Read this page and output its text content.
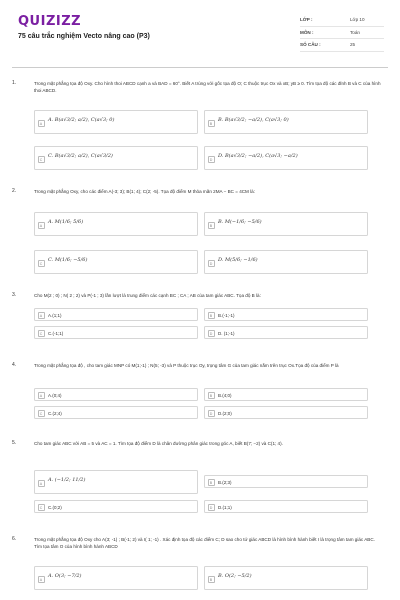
QUIZIZZ
75 câu trắc nghiệm Vecto nâng cao (P3)
LỚP :	Lớp 10
MÔN :	Toán
SỐ CÂU :	25
1.	Trong mặt phẳng tọa độ Oxy. Cho hình thoi ABCD cạnh a và BAD = 60°. Biết A trùng với gốc tọa độ O; C thuộc trục Ox và xB; yB ≥ 0. Tìm tọa độ các đỉnh B và C của hình thoi ABCD.
A
A. B(a√3/2; a/2), C(a√3; 0)
B
B. B(a√3/2; −a/2), C(a√3; 0)
C
C. B(a√3/2; a/2), C(a√3/2)
D
D. B(a√3/2; −a/2), C(a√3; −a/2)
2.	Trong mặt phẳng Oxy, cho các điểm A(-3; 3); B(1; 4); C(2; -5). Tọa độ điểm M thỏa mãn 2MA − BC = 4CM là:
A
A. M(1/6; 5/6)
B
B. M(−1/6; −5/6)
C
C. M(1/6; −5/6)
D
D. M(5/6; −1/6)
3.	Cho M(2 ; 0) ; N( 2 ; 2) và P(-1 ; 3) lần lượt là trung điểm các cạnh BC ; CA ; AB của tam giác ABC. Tọa độ B là:
A	A.(1;1)	B	B.(-1;-1)
C	C.(-1;1)	D	D. (1;-1)
4.	Trong mặt phẳng tọa độ , cho tam giác MNP có M(1;-1) ; N(5; -3) và P thuộc trục Oy, trọng tâm G của tam giác nằm trên trục Ox.Tọa độ của điểm P là
A	A.(0;4)	B	B.(4;0)
C	C.(2;4)	D	D.(2;0)
5.	Cho tam giác ABC với AB = 5 và AC = 1. Tìm tọa độ điểm D là chân đường phân giác trong góc A, biết B(7; −2) và C(1; 4).
A
A. (−1/2; 11/2)	B	B.(2;3)
C	C.(0;2)	D	D.(1;1)
6.	Trong mặt phẳng tọa độ Oxy cho A(3; -1) ; B(-1; 2) và I( 1; -1) . Xác định tọa độ các điểm C; D sao cho tứ giác ABCD là hình bình hành biết I là trọng tâm tam giác ABC. Tìm tọa tâm O của hình bình hành ABCD
A
A. O(3; −7/2)
B
B. O(2; −5/2)
